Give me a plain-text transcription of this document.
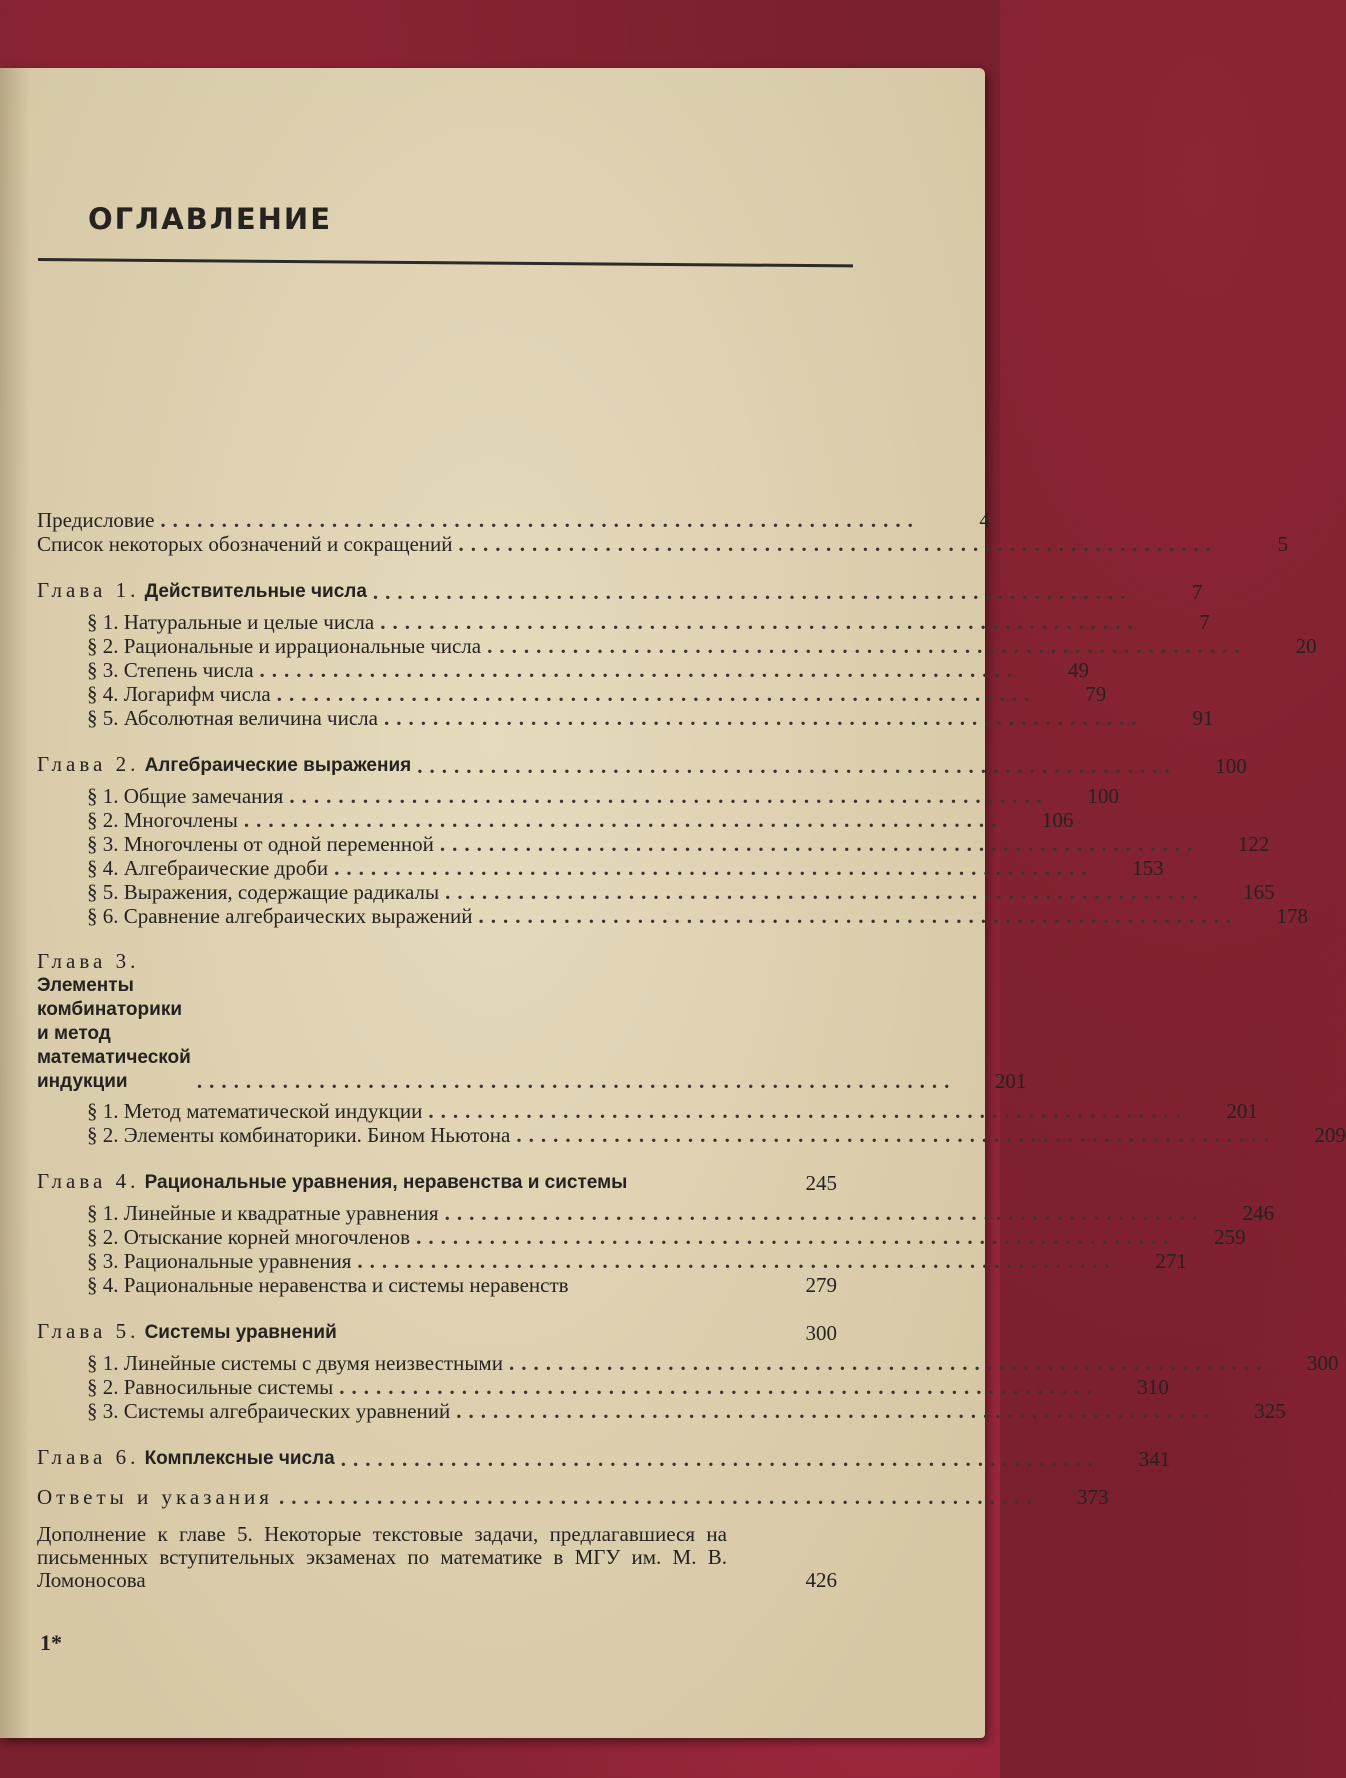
ОГЛАВЛЕНИЕ
Предисловие ..............................................................	4
Список некоторых обозначений и сокращений ..............................................................	5
Глава 1. Действительные числа ..............................................................	7
§ 1. Натуральные и целые числа ..............................................................	7
§ 2. Рациональные и иррациональные числа ..............................................................	20
§ 3. Степень числа ..............................................................	49
§ 4. Логарифм числа ..............................................................	79
§ 5. Абсолютная величина числа ..............................................................	91
Глава 2. Алгебраические выражения ..............................................................	100
§ 1. Общие замечания ..............................................................	100
§ 2. Многочлены ..............................................................	106
§ 3. Многочлены от одной переменной ..............................................................	122
§ 4. Алгебраические дроби ..............................................................	153
§ 5. Выражения, содержащие радикалы ..............................................................	165
§ 6. Сравнение алгебраических выражений ..............................................................	178
Глава 3. Элементы комбинаторики и метод математической индукции	..............................................................	201
§ 1. Метод математической индукции ..............................................................	201
§ 2. Элементы комбинаторики. Бином Ньютона ..............................................................	209
Глава 4. Рациональные уравнения, неравенства и системы	245
§ 1. Линейные и квадратные уравнения ..............................................................	246
§ 2. Отыскание корней многочленов ..............................................................	259
§ 3. Рациональные уравнения ..............................................................	271
§ 4. Рациональные неравенства и системы неравенств	279
Глава 5. Системы уравнений	300
§ 1. Линейные системы с двумя неизвестными ..............................................................	300
§ 2. Равносильные системы ..............................................................	310
§ 3. Системы алгебраических уравнений ..............................................................	325
Глава 6. Комплексные числа ..............................................................	341
Ответы и указания ..............................................................	373
Дополнение к главе 5. Некоторые текстовые задачи, предлагавшиеся на письменных вступительных экзаменах по математике в МГУ им. М. В. Ломоносова	426
1*
